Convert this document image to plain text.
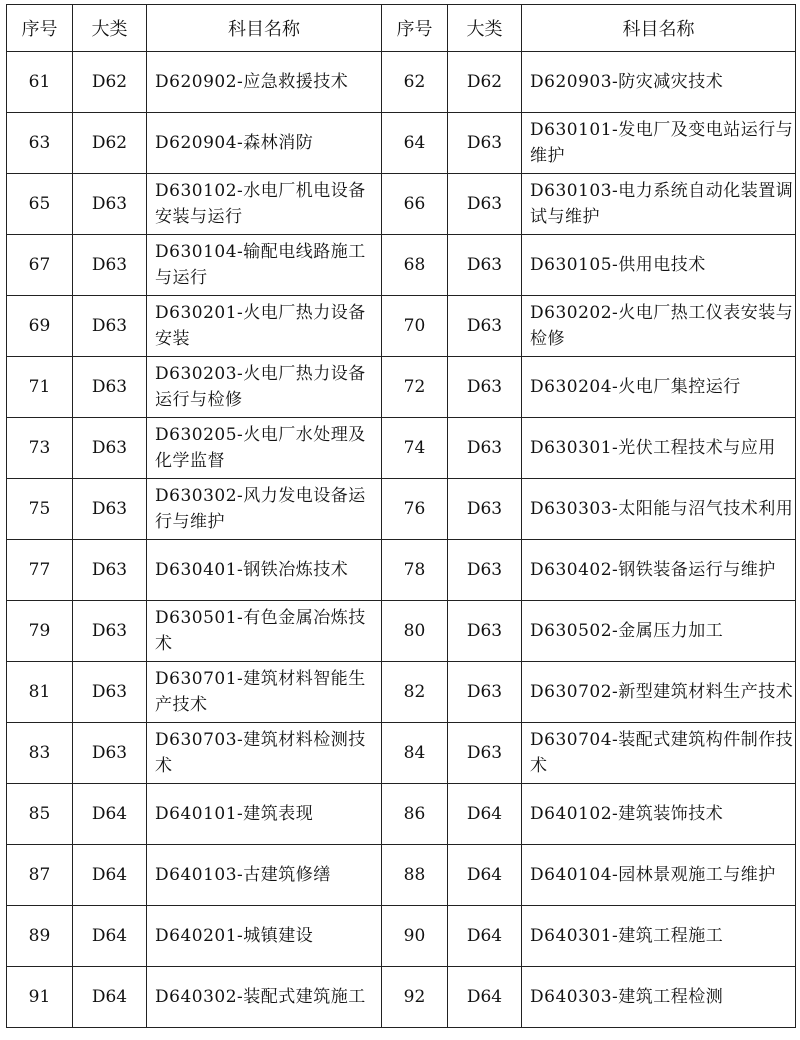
序号	大类	科目名称	序号	大类	科目名称
61	D62	D620902-应急救援技术	62	D62	D620903-防灾减灾技术
63	D62	D620904-森林消防	64	D63	D630101-发电厂及变电站运行与维护
65	D63	D630102-水电厂机电设备安装与运行	66	D63	D630103-电力系统自动化装置调试与维护
67	D63	D630104-输配电线路施工与运行	68	D63	D630105-供用电技术
69	D63	D630201-火电厂热力设备安装	70	D63	D630202-火电厂热工仪表安装与检修
71	D63	D630203-火电厂热力设备运行与检修	72	D63	D630204-火电厂集控运行
73	D63	D630205-火电厂水处理及化学监督	74	D63	D630301-光伏工程技术与应用
75	D63	D630302-风力发电设备运行与维护	76	D63	D630303-太阳能与沼气技术利用
77	D63	D630401-钢铁冶炼技术	78	D63	D630402-钢铁装备运行与维护
79	D63	D630501-有色金属冶炼技术	80	D63	D630502-金属压力加工
81	D63	D630701-建筑材料智能生产技术	82	D63	D630702-新型建筑材料生产技术
83	D63	D630703-建筑材料检测技术	84	D63	D630704-装配式建筑构件制作技术
85	D64	D640101-建筑表现	86	D64	D640102-建筑装饰技术
87	D64	D640103-古建筑修缮	88	D64	D640104-园林景观施工与维护
89	D64	D640201-城镇建设	90	D64	D640301-建筑工程施工
91	D64	D640302-装配式建筑施工	92	D64	D640303-建筑工程检测
